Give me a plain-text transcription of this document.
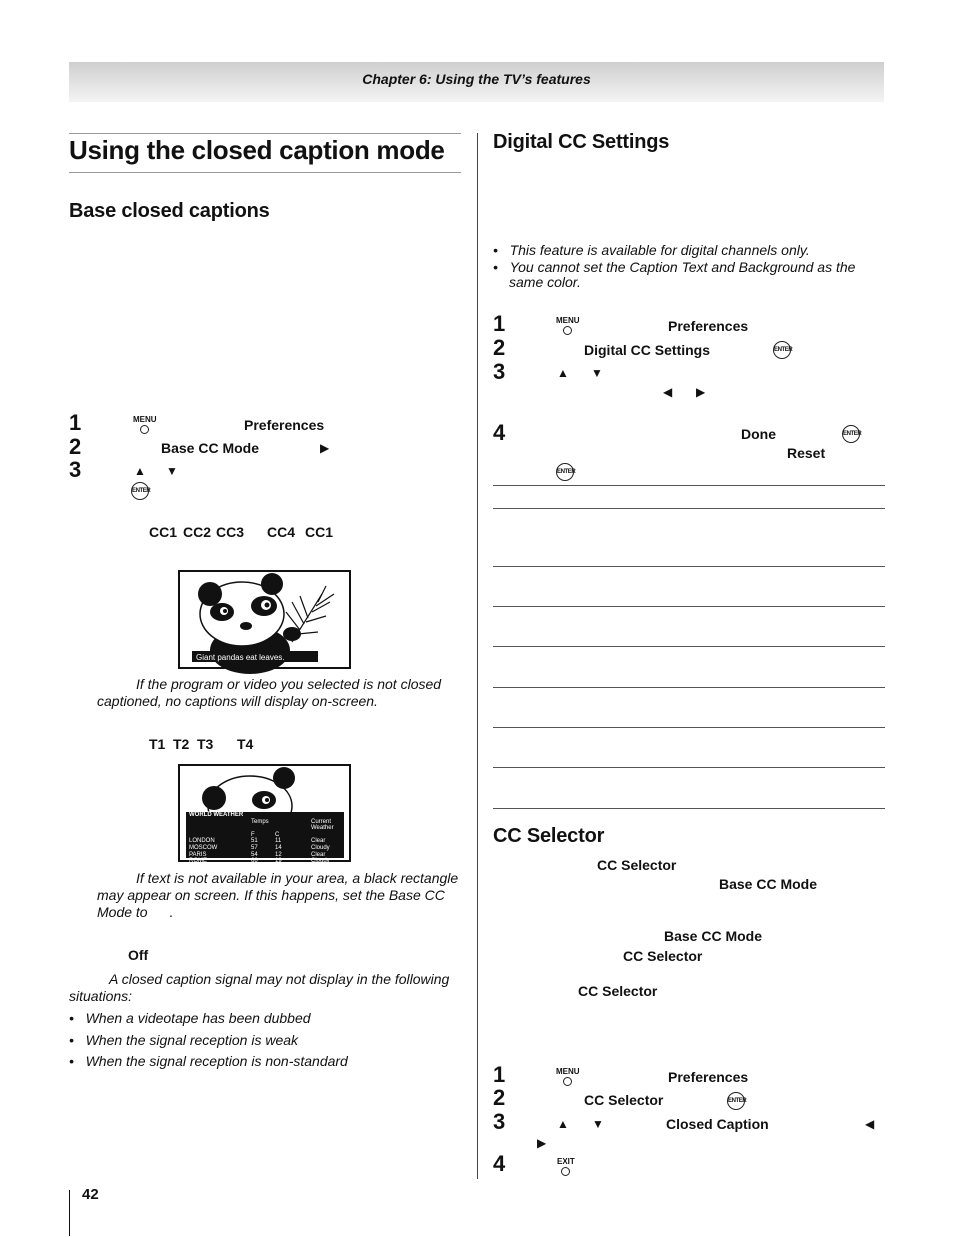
Chapter 6: Using the TV’s features
Using the closed caption mode
Base closed captions
1	MENU	Preferences
2	Base CC Mode	▶
3	▲ ▼
ENTER
CC1 CC2 CC3 CC4 CC1
Giant pandas eat leaves.
If the program or video you selected is not closed captioned, no captions will display on-screen.
T1 T2 T3 T4
WORLD WEATHER
Temps	Current Weather
F	C
LONDON	51	11	Clear
MOSCOW	57	14	Cloudy
PARIS	54	12	Clear
ROME	66	19	Cloudy
TOKYO	65	18	Rain
If text is not available in your area, a black rectangle may appear on screen. If this happens, set the Base CC Mode to .
Off
A closed caption signal may not display in the following situations:
•   When a videotape has been dubbed
•   When the signal reception is weak
•   When the signal reception is non-standard
Digital CC Settings
•   This feature is available for digital channels only.
•   You cannot set the Caption Text and Background as the same color.
1	MENU	Preferences
2	Digital CC Settings	ENTER
3	▲ ▼
◀ ▶
4	Done	ENTER
Reset
ENTER
CC Selector
CC Selector
Base CC Mode
Base CC Mode
CC Selector
CC Selector
1	MENU	Preferences
2	CC Selector	ENTER
3	▲ ▼	Closed Caption	◀
▶
4	EXIT
42
